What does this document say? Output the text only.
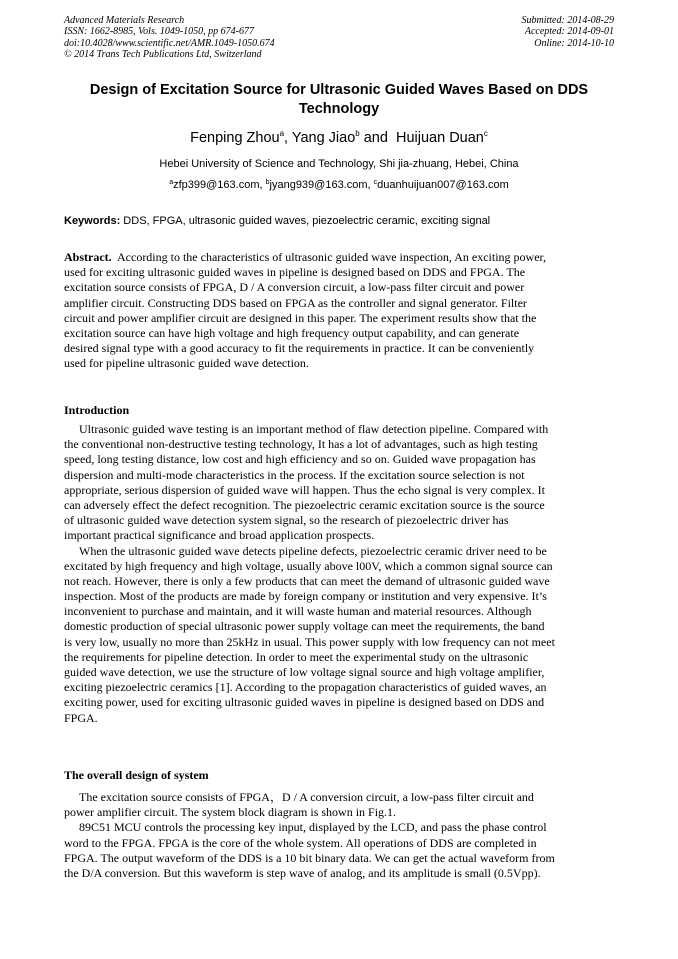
Advanced Materials Research
ISSN: 1662-8985, Vols. 1049-1050, pp 674-677
doi:10.4028/www.scientific.net/AMR.1049-1050.674
© 2014 Trans Tech Publications Ltd, Switzerland
Submitted: 2014-08-29
Accepted: 2014-09-01
Online: 2014-10-10
Design of Excitation Source for Ultrasonic Guided Waves Based on DDS
Technology
Fenping Zhou$^a$, Yang Jiao$^b$ and  Huijuan Duan$^c$
Hebei University of Science and Technology, Shi jia-zhuang, Hebei, China
$^a$zfp399@163.com, $^b$jyang939@163.com, $^c$duanhuijuan007@163.com
Keywords: DDS, FPGA, ultrasonic guided waves, piezoelectric ceramic, exciting signal
Abstract.  According to the characteristics of ultrasonic guided wave inspection, An exciting power,
used for exciting ultrasonic guided waves in pipeline is designed based on DDS and FPGA. The
excitation source consists of FPGA, D / A conversion circuit, a low-pass filter circuit and power
amplifier circuit. Constructing DDS based on FPGA as the controller and signal generator. Filter
circuit and power amplifier circuit are designed in this paper. The experiment results show that the
excitation source can have high voltage and high frequency output capability, and can generate
desired signal type with a good accuracy to fit the requirements in practice. It can be conveniently
used for pipeline ultrasonic guided wave detection.
Introduction
Ultrasonic guided wave testing is an important method of flaw detection pipeline. Compared with
the conventional non-destructive testing technology, It has a lot of advantages, such as high testing
speed, long testing distance, low cost and high efficiency and so on. Guided wave propagation has
dispersion and multi-mode characteristics in the process. If the excitation source selection is not
appropriate, serious dispersion of guided wave will happen. Thus the echo signal is very complex. It
can adversely effect the defect recognition. The piezoelectric ceramic excitation source is the source
of ultrasonic guided wave detection system signal, so the research of piezoelectric driver has
important practical significance and broad application prospects.
When the ultrasonic guided wave detects pipeline defects, piezoelectric ceramic driver need to be
excitated by high frequency and high voltage, usually above l00V, which a common signal source can
not reach. However, there is only a few products that can meet the demand of ultrasonic guided wave
inspection. Most of the products are made by foreign company or institution and very expensive. It’s
inconvenient to purchase and maintain, and it will waste human and material resources. Although
domestic production of special ultrasonic power supply voltage can meet the requirements, the band
is very low, usually no more than 25kHz in usual. This power supply with low frequency can not meet
the requirements for pipeline detection. In order to meet the experimental study on the ultrasonic
guided wave detection, we use the structure of low voltage signal source and high voltage amplifier,
exciting piezoelectric ceramics [1]. According to the propagation characteristics of guided waves, an
exciting power, used for exciting ultrasonic guided waves in pipeline is designed based on DDS and
FPGA.
The overall design of system
The excitation source consists of FPGA，D / A conversion circuit, a low-pass filter circuit and
power amplifier circuit. The system block diagram is shown in Fig.1.
89C51 MCU controls the processing key input, displayed by the LCD, and pass the phase control
word to the FPGA. FPGA is the core of the whole system. All operations of DDS are completed in
FPGA. The output waveform of the DDS is a 10 bit binary data. We can get the actual waveform from
the D/A conversion. But this waveform is step wave of analog, and its amplitude is small (0.5Vpp).
